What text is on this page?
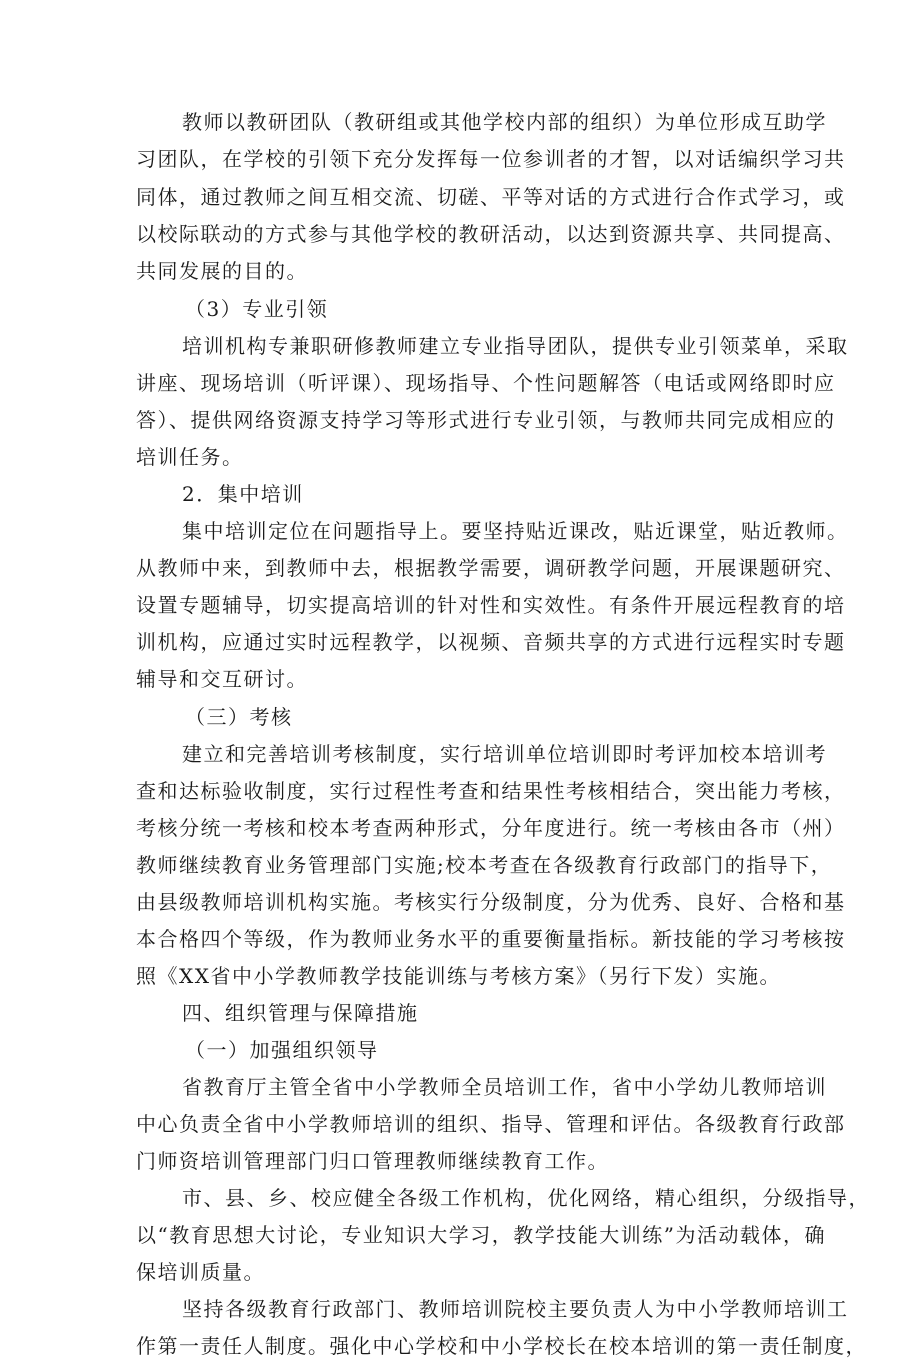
教师以教研团队（教研组或其他学校内部的组织）为单位形成互助学
习团队，在学校的引领下充分发挥每一位参训者的才智，以对话编织学习共
同体，通过教师之间互相交流、切磋、平等对话的方式进行合作式学习，或
以校际联动的方式参与其他学校的教研活动，以达到资源共享、共同提高、
共同发展的目的。
（3）专业引领
培训机构专兼职研修教师建立专业指导团队，提供专业引领菜单，采取
讲座、现场培训（听评课）、现场指导、个性问题解答（电话或网络即时应
答）、提供网络资源支持学习等形式进行专业引领，与教师共同完成相应的
培训任务。
2．集中培训
集中培训定位在问题指导上。要坚持贴近课改，贴近课堂，贴近教师。
从教师中来，到教师中去，根据教学需要，调研教学问题，开展课题研究、
设置专题辅导，切实提高培训的针对性和实效性。有条件开展远程教育的培
训机构，应通过实时远程教学，以视频、音频共享的方式进行远程实时专题
辅导和交互研讨。
（三）考核
建立和完善培训考核制度，实行培训单位培训即时考评加校本培训考
查和达标验收制度，实行过程性考查和结果性考核相结合，突出能力考核，
考核分统一考核和校本考查两种形式，分年度进行。统一考核由各市（州）
教师继续教育业务管理部门实施;校本考查在各级教育行政部门的指导下，
由县级教师培训机构实施。考核实行分级制度，分为优秀、良好、合格和基
本合格四个等级，作为教师业务水平的重要衡量指标。新技能的学习考核按
照《XX省中小学教师教学技能训练与考核方案》（另行下发）实施。
四、组织管理与保障措施
（一）加强组织领导
省教育厅主管全省中小学教师全员培训工作，省中小学幼儿教师培训
中心负责全省中小学教师培训的组织、指导、管理和评估。各级教育行政部
门师资培训管理部门归口管理教师继续教育工作。
市、县、乡、校应健全各级工作机构，优化网络，精心组织，分级指导，
以“教育思想大讨论，专业知识大学习，教学技能大训练”为活动载体，确
保培训质量。
坚持各级教育行政部门、教师培训院校主要负责人为中小学教师培训工
作第一责任人制度。强化中心学校和中小学校长在校本培训的第一责任制度，
